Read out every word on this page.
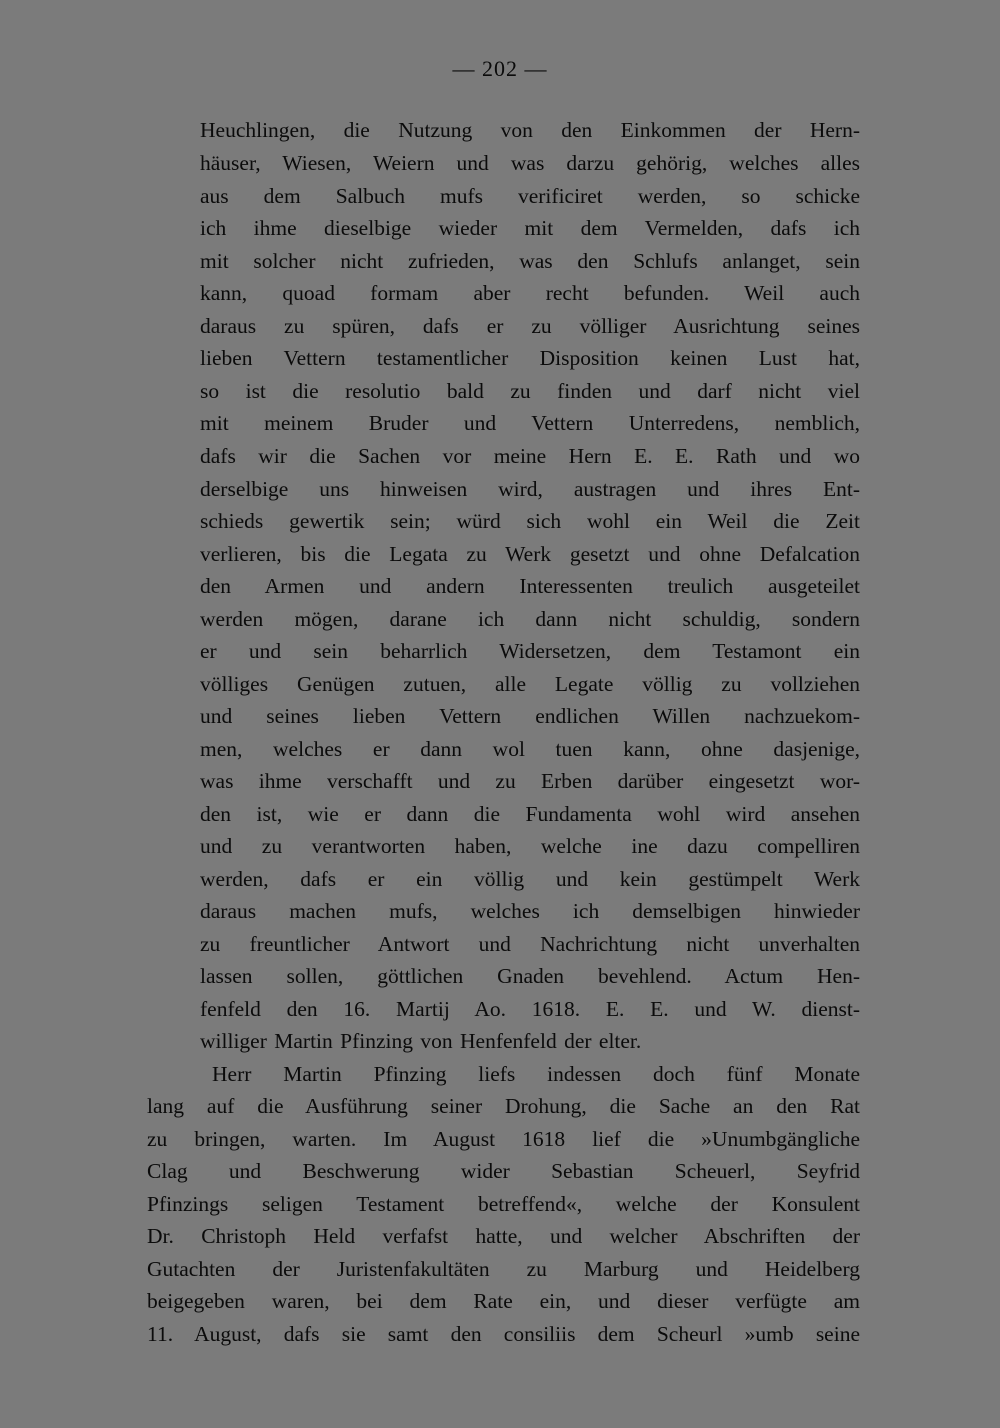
— 202 —
Heuchlingen, die Nutzung von den Einkommen der Hern-
häuser, Wiesen, Weiern und was darzu gehörig, welches alles
aus dem Salbuch mufs verificiret werden, so schicke
ich ihme dieselbige wieder mit dem Vermelden, dafs ich
mit solcher nicht zufrieden, was den Schlufs anlanget, sein
kann, quoad formam aber recht befunden. Weil auch
daraus zu spüren, dafs er zu völliger Ausrichtung seines
lieben Vettern testamentlicher Disposition keinen Lust hat,
so ist die resolutio bald zu finden und darf nicht viel
mit meinem Bruder und Vettern Unterredens, nemblich,
dafs wir die Sachen vor meine Hern E. E. Rath und wo
derselbige uns hinweisen wird, austragen und ihres Ent-
schieds gewertik sein; würd sich wohl ein Weil die Zeit
verlieren, bis die Legata zu Werk gesetzt und ohne Defalcation
den Armen und andern Interessenten treulich ausgeteilet
werden mögen, darane ich dann nicht schuldig, sondern
er und sein beharrlich Widersetzen, dem Testamont ein
völliges Genügen zutuen, alle Legate völlig zu vollziehen
und seines lieben Vettern endlichen Willen nachzuekom-
men, welches er dann wol tuen kann, ohne dasjenige,
was ihme verschafft und zu Erben darüber eingesetzt wor-
den ist, wie er dann die Fundamenta wohl wird ansehen
und zu verantworten haben, welche ine dazu compelliren
werden, dafs er ein völlig und kein gestümpelt Werk
daraus machen mufs, welches ich demselbigen hinwieder
zu freuntlicher Antwort und Nachrichtung nicht unverhalten
lassen sollen, göttlichen Gnaden bevehlend. Actum Hen-
fenfeld den 16. Martij Ao. 1618. E. E. und W. dienst-
williger Martin Pfinzing von Henfenfeld der elter.
Herr Martin Pfinzing liefs indessen doch fünf Monate
lang auf die Ausführung seiner Drohung, die Sache an den Rat
zu bringen, warten. Im August 1618 lief die »Unumbgängliche
Clag und Beschwerung wider Sebastian Scheuerl, Seyfrid
Pfinzings seligen Testament betreffend«, welche der Konsulent
Dr. Christoph Held verfafst hatte, und welcher Abschriften der
Gutachten der Juristenfakultäten zu Marburg und Heidelberg
beigegeben waren, bei dem Rate ein, und dieser verfügte am
11. August, dafs sie samt den consiliis dem Scheurl »umb seine
